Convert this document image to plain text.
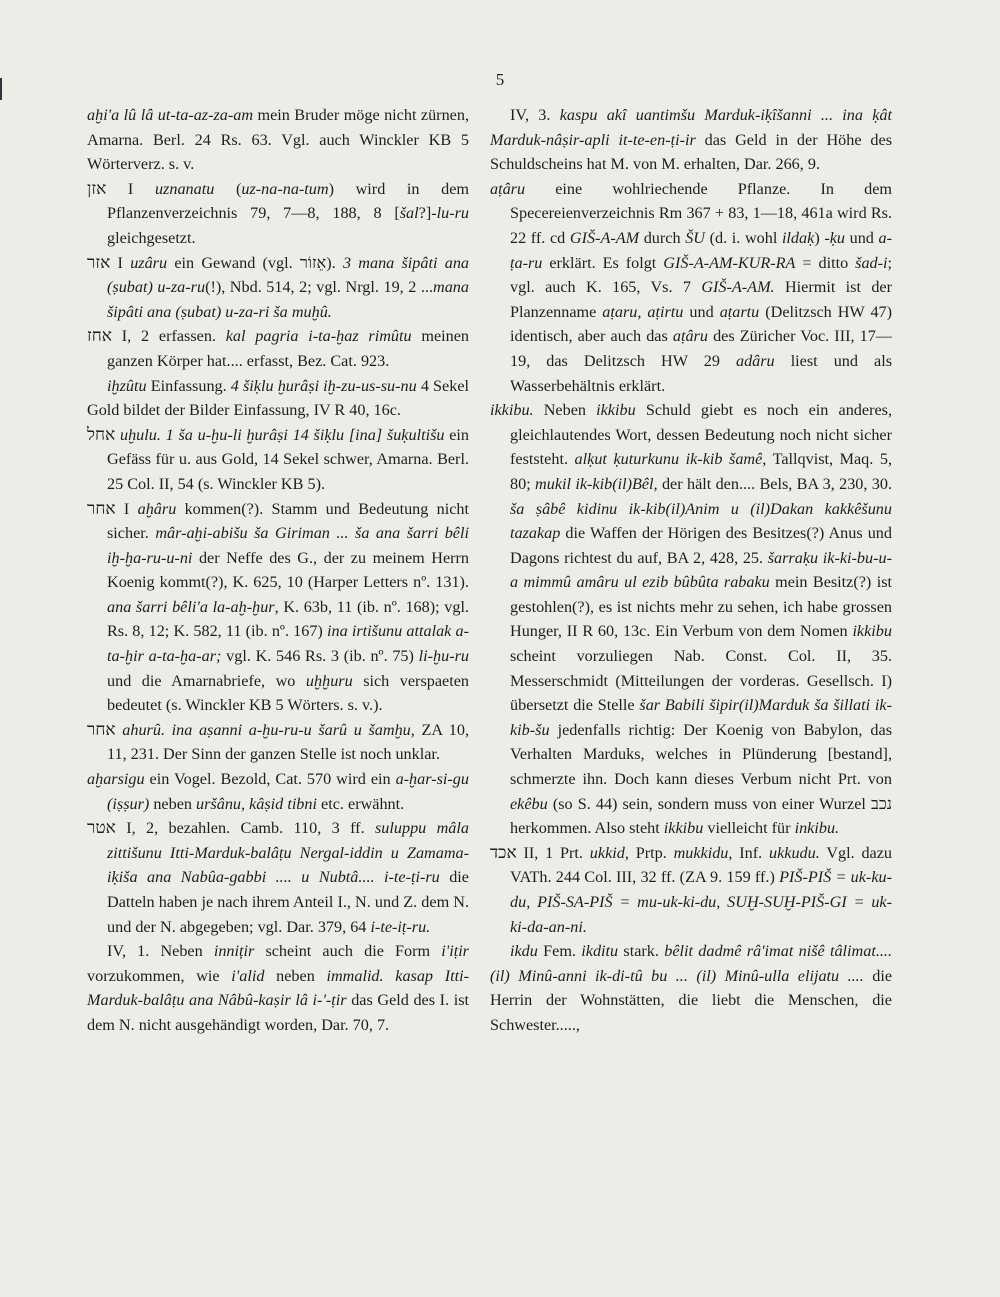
5

aḫi'a lû lâ ut-ta-az-za-am mein Bruder möge nicht zürnen, Amarna. Berl. 24 Rs. 63. Vgl. auch Winckler KB 5 Wörterverz. s. v.

אזן I uznanatu (uz-na-na-tum) wird in dem Pflanzenverzeichnis 79, 7—8, 188, 8 [šal?]-lu-ru gleichgesetzt.

אזר I uzâru ein Gewand (vgl. אֵזוֹר). 3 mana šipâti ana (ṣubat) u-za-ru(!), Nbd. 514, 2; vgl. Nrgl. 19, 2 ...mana šipâti ana (ṣubat) u-za-ri ša muḫû.

אחז I, 2 erfassen. kal pagria i-ta-ḫaz rimûtu meinen ganzen Körper hat.... erfasst, Bez. Cat. 923.

iḫzûtu Einfassung. 4 šiḳlu ḫurâṣi iḫ-zu-us-su-nu 4 Sekel Gold bildet der Bilder Einfassung, IV R 40, 16c.

אחל uḫulu. 1 ša u-ḫu-li ḫurâṣi 14 šiḳlu [ina] šuḳultišu ein Gefäss für u. aus Gold, 14 Sekel schwer, Amarna. Berl. 25 Col. II, 54 (s. Winckler KB 5).

אחר I aḫâru kommen(?). Stamm und Bedeutung nicht sicher. mâr-aḫi-abišu ša Giriman ... ša ana šarri bêli iḫ-ḫa-ru-u-ni der Neffe des G., der zu meinem Herrn Koenig kommt(?), K. 625, 10 (Harper Letters nº. 131). ana šarri bêli'a la-aḫ-ḫur, K. 63b, 11 (ib. nº. 168); vgl. Rs. 8, 12; K. 582, 11 (ib. nº. 167) ina irtišunu attalak a-ta-ḫir a-ta-ḫa-ar; vgl. K. 546 Rs. 3 (ib. nº. 75) li-ḫu-ru und die Amarnabriefe, wo uḫḫuru sich verspaeten bedeutet (s. Winckler KB 5 Wörters. s. v.).

אחר ahurû. ina aṣanni a-ḫu-ru-u šarû u šamḫu, ZA 10, 11, 231. Der Sinn der ganzen Stelle ist noch unklar.

aḫarsigu ein Vogel. Bezold, Cat. 570 wird ein a-ḫar-si-gu (iṣṣur) neben uršânu, kâṣid tibni etc. erwähnt.

אטר I, 2, bezahlen. Camb. 110, 3 ff. suluppu mâla zittišunu Itti-Marduk-balâṭu Nergal-iddin u Zamama-iḳiša ana Nabûa-gabbi .... u Nubtâ.... i-te-ṭi-ru die Datteln haben je nach ihrem Anteil I., N. und Z. dem N. und der N. abgegeben; vgl. Dar. 379, 64 i-te-iṭ-ru.

IV, 1. Neben innițir scheint auch die Form i'iṭir vorzukommen, wie i'alid neben immalid. kasap Itti-Marduk-balâṭu ana Nâbû-kaṣir lâ i-'-ṭir das Geld des I. ist dem N. nicht ausgehändigt worden, Dar. 70, 7.

IV, 3. kaspu akî uantimšu Marduk-iḳîšanni ... ina ḳât Marduk-nâṣir-apli it-te-en-ṭi-ir das Geld in der Höhe des Schuldscheins hat M. von M. erhalten, Dar. 266, 9.

aṭâru eine wohlriechende Pflanze. In dem Specereienverzeichnis Rm 367 + 83, 1—18, 461a wird Rs. 22 ff. cd GIŠ-A-AM durch ŠU (d. i. wohl ildaḳ) -ḳu und a-ṭa-ru erklärt. Es folgt GIŠ-A-AM-KUR-RA = ditto šad-i; vgl. auch K. 165, Vs. 7 GIŠ-A-AM. Hiermit ist der Planzenname aṭaru, aṭirtu und aṭartu (Delitzsch HW 47) identisch, aber auch das aṭâru des Züricher Voc. III, 17—19, das Delitzsch HW 29 adâru liest und als Wasserbehältnis erklärt.

ikkibu. Neben ikkibu Schuld giebt es noch ein anderes, gleichlautendes Wort, dessen Bedeutung noch nicht sicher feststeht. alḳut ḳuturkunu ik-kib šamê, Tallqvist, Maq. 5, 80; mukil ik-kib(il)Bêl, der hält den.... Bels, BA 3, 230, 30. ša ṣâbê kidinu ik-kib(il)Anim u (il)Dakan kakkêšunu tazakap die Waffen der Hörigen des Besitzes(?) Anus und Dagons richtest du auf, BA 2, 428, 25. šarraḳu ik-ki-bu-u-a mimmû amâru ul ezib bûbûta rabaku mein Besitz(?) ist gestohlen(?), es ist nichts mehr zu sehen, ich habe grossen Hunger, II R 60, 13c. Ein Verbum von dem Nomen ikkibu scheint vorzuliegen Nab. Const. Col. II, 35. Messerschmidt (Mitteilungen der vorderas. Gesellsch. I) übersetzt die Stelle šar Babili šipir(il)Marduk ša šillati ik-kib-šu jedenfalls richtig: Der Koenig von Babylon, das Verhalten Marduks, welches in Plünderung [bestand], schmerzte ihn. Doch kann dieses Verbum nicht Prt. von ekêbu (so S. 44) sein, sondern muss von einer Wurzel נכב herkommen. Also steht ikkibu vielleicht für inkibu.

אכד II, 1 Prt. ukkid, Prtp. mukkidu, Inf. ukkudu. Vgl. dazu VATh. 244 Col. III, 32 ff. (ZA 9. 159 ff.) PIŠ-PIŠ = uk-ku-du, PIŠ-SA-PIŠ = mu-uk-ki-du, SUḪ-SUḪ-PIŠ-GI = uk-ki-da-an-ni.

ikdu Fem. ikditu stark. bêlit dadmê râ'imat nišê tâlimat.... (il) Minû-anni ik-di-tû bu ... (il) Minû-ulla elijatu .... die Herrin der Wohnstätten, die liebt die Menschen, die Schwester.....,
